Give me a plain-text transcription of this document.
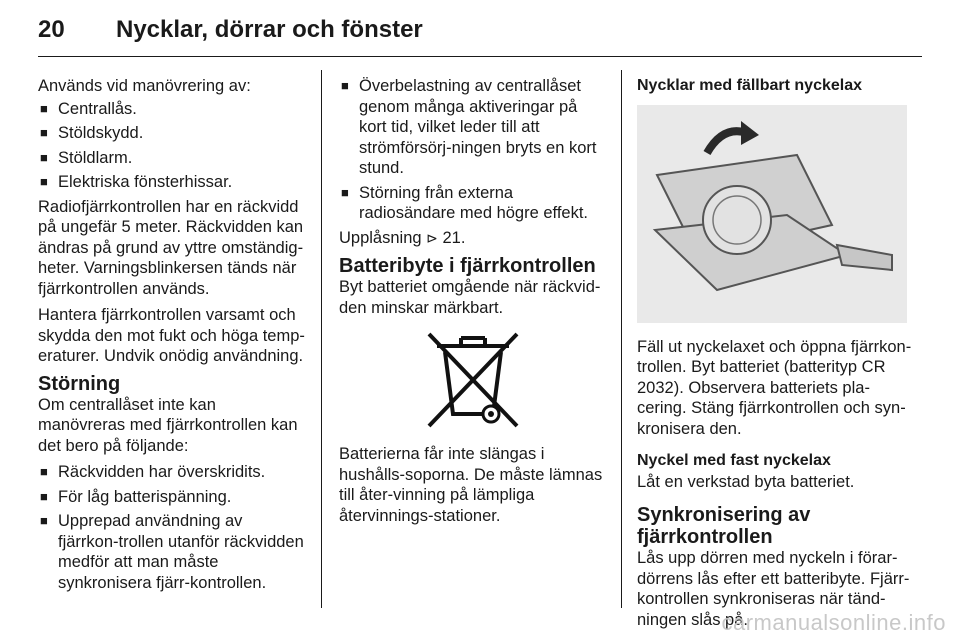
20 Nycklar, dörrar och fönster

Används vid manövrering av:

■ Centrallås.
■ Stöldskydd.
■ Stöldlarm.
■ Elektriska fönsterhissar.

Radiofjärrkontrollen har en räckvidd på ungefär 5 meter. Räckvidden kan ändras på grund av yttre omständig-heter. Varningsblinkersen tänds när fjärrkontrollen används.

Hantera fjärrkontrollen varsamt och skydda den mot fukt och höga temp-eraturer. Undvik onödig användning.

Störning

Om centrallåset inte kan manövreras med fjärrkontrollen kan det bero på följande:

■ Räckvidden har överskridits.
■ För låg batterispänning.
■ Upprepad användning av fjärrkon-trollen utanför räckvidden medför att man måste synkronisera fjärr-kontrollen.
■ Överbelastning av centrallåset genom många aktiveringar på kort tid, vilket leder till att strömförsörj-ningen bryts en kort stund.
■ Störning från externa radiosändare med högre effekt.

Upplåsning ⊳ 21.

Batteribyte i fjärrkontrollen

Byt batteriet omgående när räckvid-den minskar märkbart.

Batterierna får inte slängas i hushålls-soporna. De måste lämnas till åter-vinning på lämpliga återvinnings-stationer.

Nycklar med fällbart nyckelax

Fäll ut nyckelaxet och öppna fjärrkon-trollen. Byt batteriet (batterityp CR 2032). Observera batteriets pla-cering. Stäng fjärrkontrollen och syn-kronisera den.

Nyckel med fast nyckelax

Låt en verkstad byta batteriet.

Synkronisering av fjärrkontrollen

Lås upp dörren med nyckeln i förar-dörrens lås efter ett batteribyte. Fjärr-kontrollen synkroniseras när tänd-ningen slås på.

carmanualsonline.info
